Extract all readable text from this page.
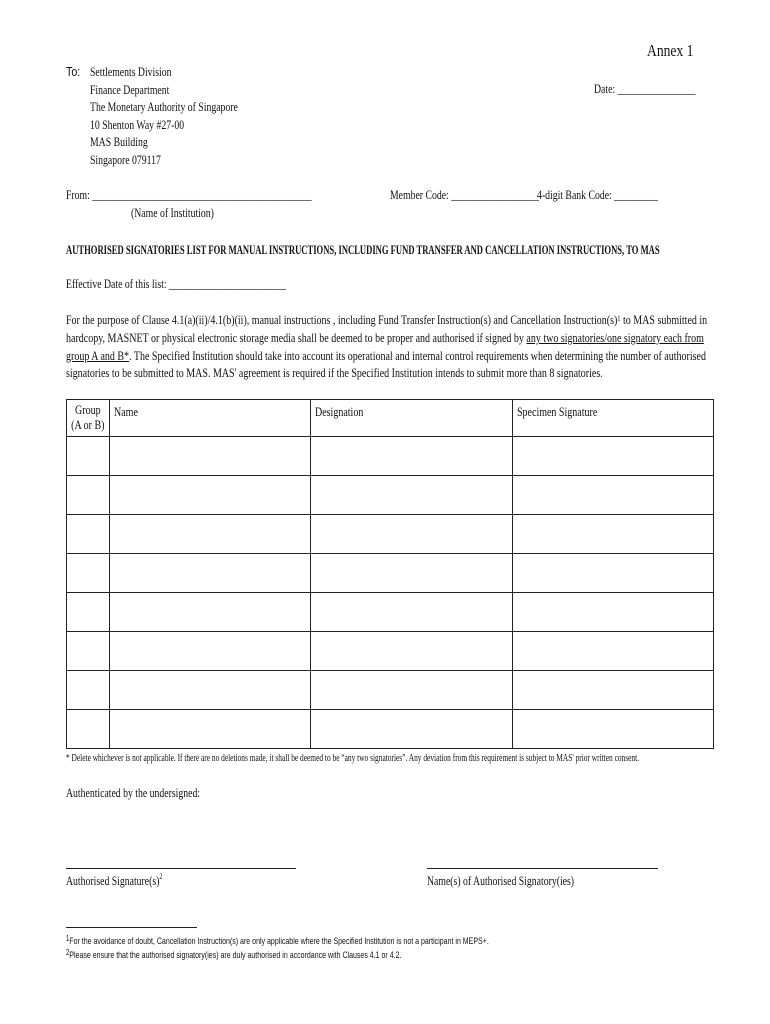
Annex 1
To: Settlements Division
Finance Department
The Monetary Authority of Singapore
10 Shenton Way #27-00
MAS Building
Singapore 079117
Date: ________________
From: _____________________________________________
(Name of Institution)
Member Code: __________________
4-digit Bank Code: _________
AUTHORISED SIGNATORIES LIST FOR MANUAL INSTRUCTIONS, INCLUDING FUND TRANSFER AND CANCELLATION INSTRUCTIONS, TO MAS
Effective Date of this list: ________________________
For the purpose of Clause 4.1(a)(ii)/4.1(b)(ii), manual instructions , including Fund Transfer Instruction(s) and Cancellation $Instruction(s)^1$ to MAS submitted in hardcopy, MASNET or physical electronic storage media shall be deemed to be proper and authorised if signed by any two signatories/one signatory each from group A and B*. The Specified Institution should take into account its operational and internal control requirements when determining the number of authorised signatories to be submitted to MAS. MAS' agreement is required if the Specified Institution intends to submit more than 8 signatories.
Group
(A or B)	Name	Designation	Specimen Signature

* Delete whichever is not applicable. If there are no deletions made, it shall be deemed to be “any two signatories”. Any deviation from this requirement is subject to MAS' prior written consent.
Authenticated by the undersigned:
Authorised $Signature(s)^2$	Name(s) of Authorised Signatory(ies)
$^1$For the avoidance of doubt, Cancellation Instruction(s) are only applicable where the Specified Institution is not a participant in MEPS+.
$^2$Please ensure that the authorised signatory(ies) are duly authorised in accordance with Clauses 4.1 or 4.2.
